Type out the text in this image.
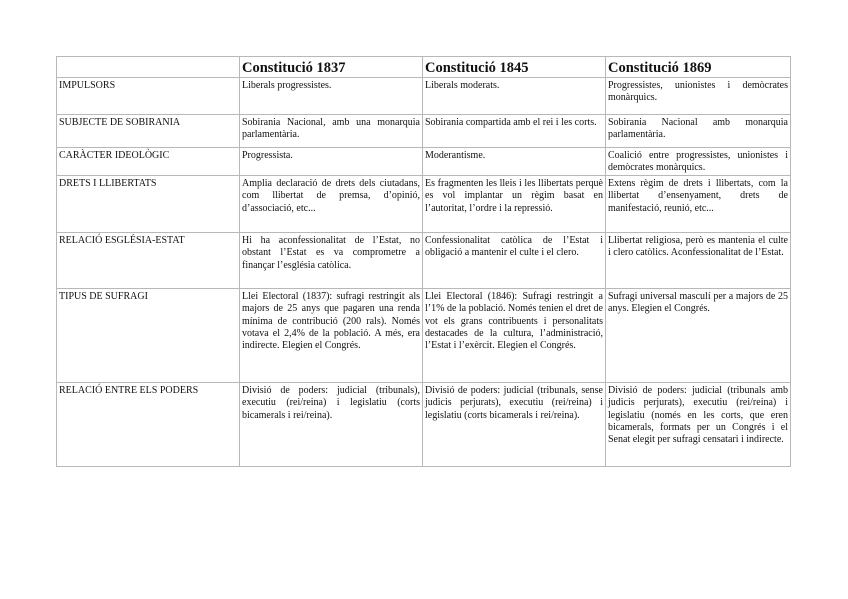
	Constitució 1837	Constitució 1845	Constitució 1869
IMPULSORS	Liberals progressistes.	Liberals moderats.	Progressistes, unionistes i demòcrates monàrquics.
SUBJECTE DE SOBIRANIA	Sobirania Nacional, amb una monarquia parlamentària.	Sobirania compartida amb el rei i les corts.	Sobirania Nacional amb monarquia parlamentària.
CARÀCTER IDEOLÒGIC	Progressista.	Moderantisme.	Coalició entre progressistes, unionistes i demòcrates monàrquics.
DRETS I LLIBERTATS	Amplia declaració de drets dels ciutadans, com llibertat de premsa, d’opinió, d’associació, etc...	Es fragmenten les lleis i les llibertats perquè es vol implantar un règim basat en l’autoritat, l’ordre i la repressió.	Extens règim de drets i llibertats, com la llibertat d’ensenyament, drets de manifestació, reunió, etc...
RELACIÓ ESGLÉSIA-ESTAT	Hi ha aconfessionalitat de l’Estat, no obstant l’Estat es va comprometre a finançar l’església catòlica.	Confessionalitat catòlica de l’Estat i obligació a mantenir el culte i el clero.	Llibertat religiosa, però es mantenia el culte i clero catòlics. Aconfessionalitat de l’Estat.
TIPUS DE SUFRAGI	Llei Electoral (1837): sufragi restringit als majors de 25 anys que pagaren una renda mínima de contribució (200 rals). Només votava el 2,4% de la població. A més, era indirecte. Elegien el Congrés.	Llei Electoral (1846): Sufragi restringit a l’1% de la població. Només tenien el dret de vot els grans contribuents i personalitats destacades de la cultura, l’administració, l’Estat i l’exèrcit. Elegien el Congrés.	Sufragi universal masculí per a majors de 25 anys. Elegien el Congrés.
RELACIÓ ENTRE ELS PODERS	Divisió de poders: judicial (tribunals), executiu (rei/reina) i legislatiu (corts bicamerals i rei/reina).	Divisió de poders: judicial (tribunals, sense judicis perjurats), executiu (rei/reina) i legislatiu (corts bicamerals i rei/reina).	Divisió de poders: judicial (tribunals amb judicis perjurats), executiu (rei/reina) i legislatiu (només en les corts, que eren bicamerals, formats per un Congrés i el Senat elegit per sufragi censatari i indirecte.
